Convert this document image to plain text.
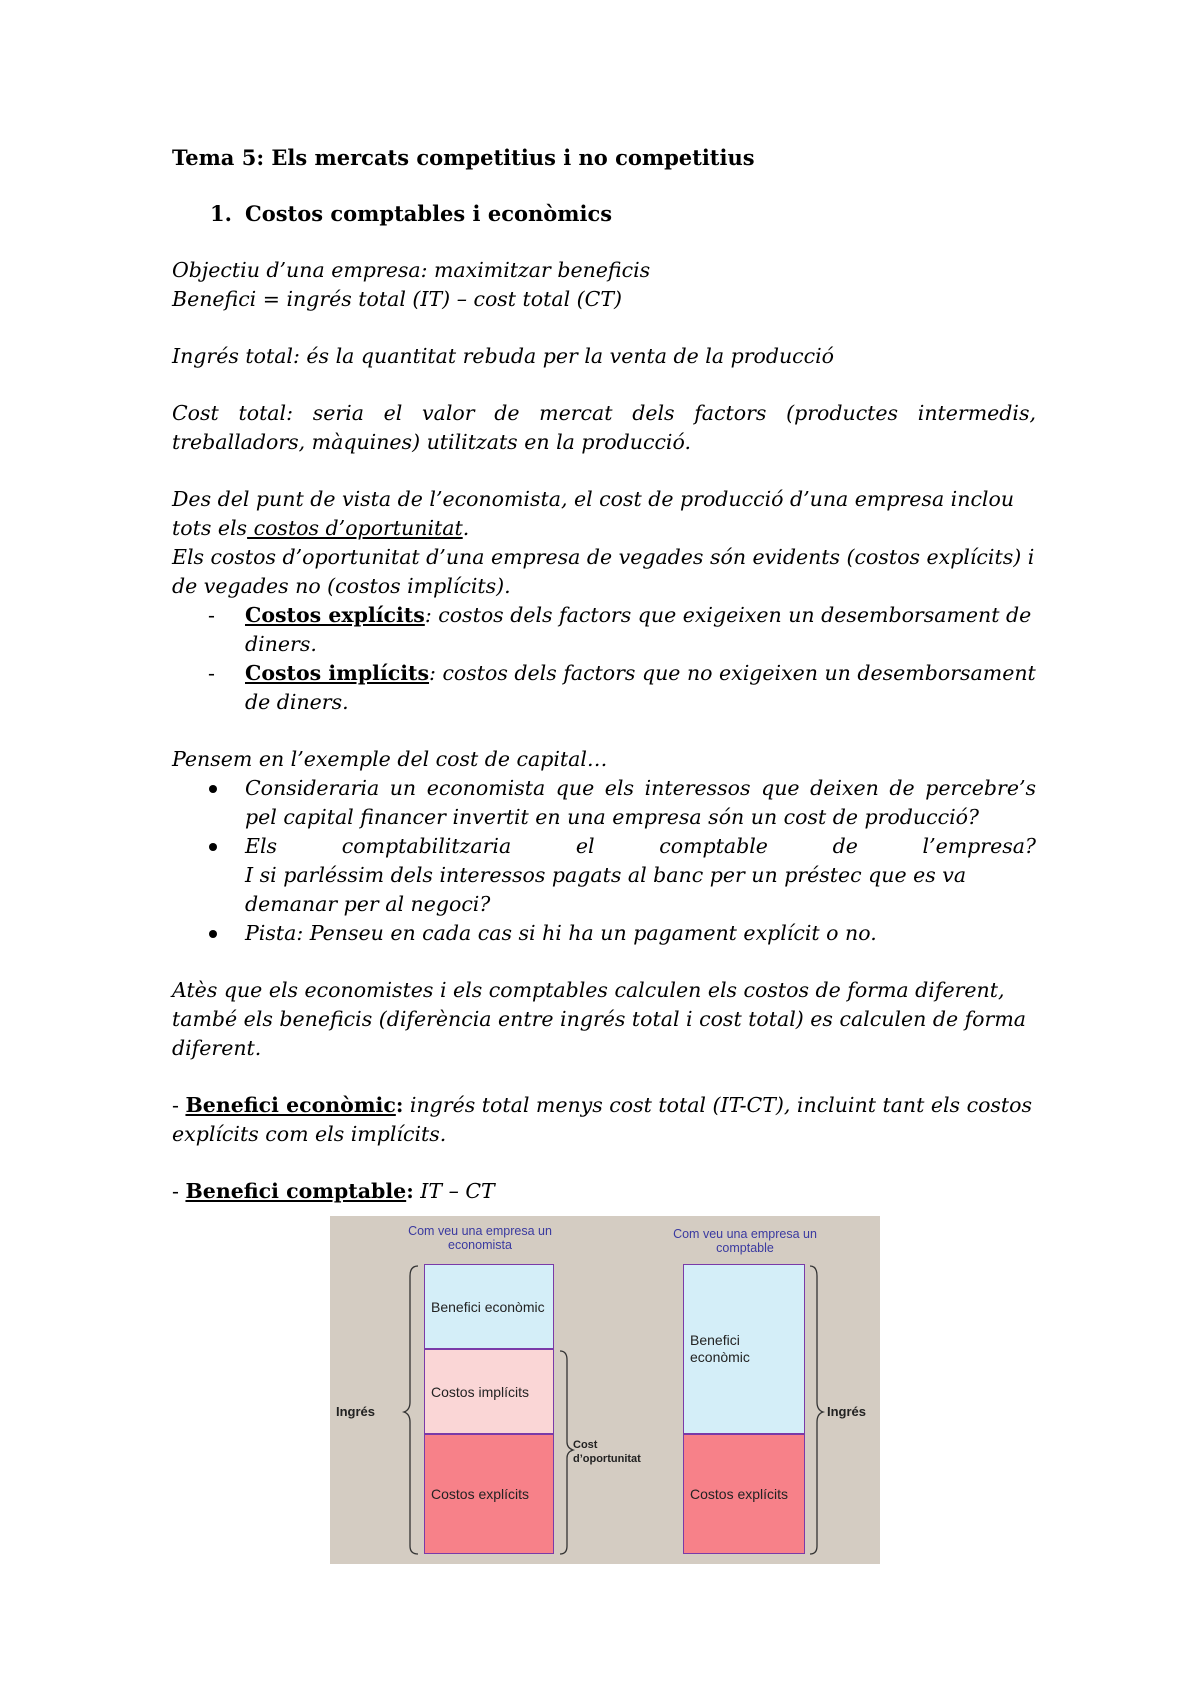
Tema 5: Els mercats competitius i no competitius

1. Costos comptables i econòmics

Objectiu d’una empresa: maximitzar beneficis

Benefici = ingrés total (IT) – cost total (CT)

Ingrés total: és la quantitat rebuda per la venta de la producció

Cost total: seria el valor de mercat dels factors (productes intermedis, treballadors, màquines) utilitzats en la producció.

Des del punt de vista de l’economista, el cost de producció d’una empresa inclou tots els costos d’oportunitat.

Els costos d’oportunitat d’una empresa de vegades són evidents (costos explícits) i de vegades no (costos implícits).

- Costos explícits: costos dels factors que exigeixen un desemborsament de diners.
- Costos implícits: costos dels factors que no exigeixen un desemborsament de diners.

Pensem en l’exemple del cost de capital…

Consideraria un economista que els interessos que deixen de percebre’s pel capital financer invertit en una empresa són un cost de producció?
Els	comptabilitzaria	el	comptable	de	l’empresa?
I si parléssim dels interessos pagats al banc per un préstec que es va demanar per al negoci?
Pista: Penseu en cada cas si hi ha un pagament explícit o no.

Atès que els economistes i els comptables calculen els costos de forma diferent, també els beneficis (diferència entre ingrés total i cost total) es calculen de forma diferent.

- Benefici econòmic: ingrés total menys cost total (IT-CT), incluint tant els costos explícits com els implícits.

- Benefici comptable: IT – CT

Com veu una empresa un economista
Com veu una empresa un comptable
Benefici econòmic
Costos implícits
Costos explícits
Benefici econòmic
Costos explícits
Ingrés	Ingrés
Cost d’oportunitat
